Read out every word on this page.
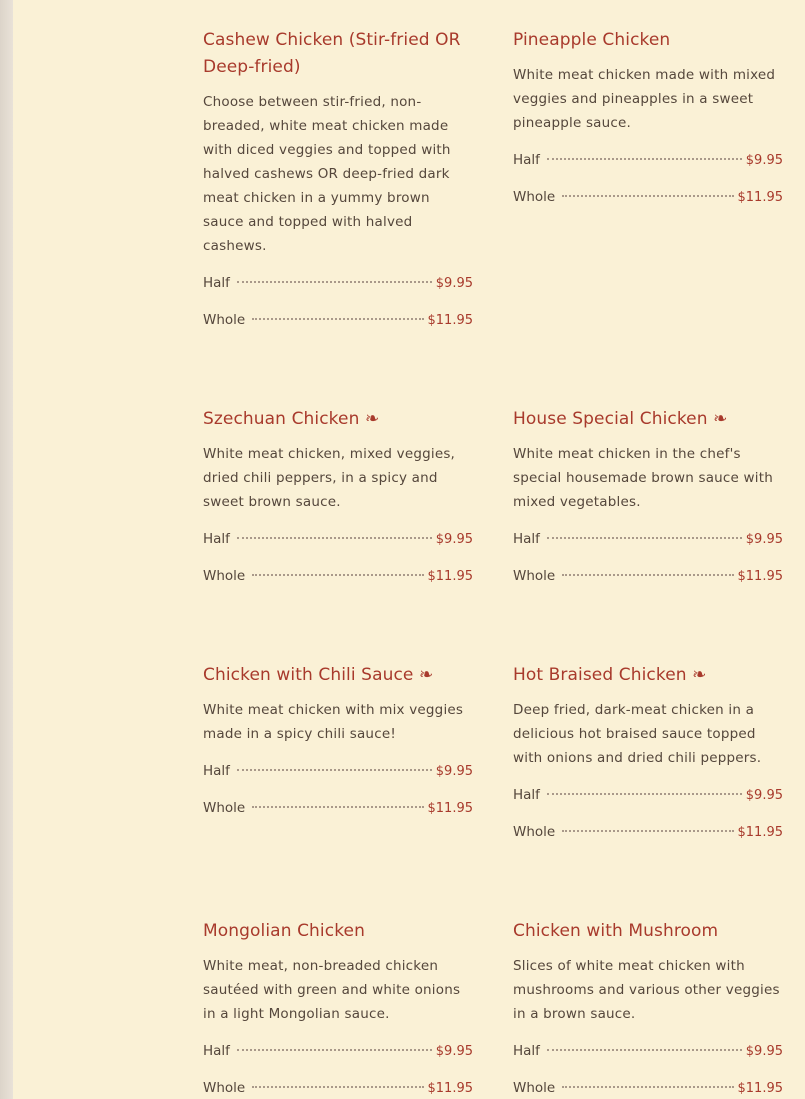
Cashew Chicken (Stir-fried OR Deep-fried)

Choose between stir-fried, non-breaded, white meat chicken made with diced veggies and topped with halved cashews OR deep-fried dark meat chicken in a yummy brown sauce and topped with halved cashews.

Half	$9.95
Whole	$11.95
Pineapple Chicken

White meat chicken made with mixed veggies and pineapples in a sweet pineapple sauce.

Half	$9.95
Whole	$11.95
Szechuan Chicken ❧

White meat chicken, mixed veggies, dried chili peppers, in a spicy and sweet brown sauce.

Half	$9.95
Whole	$11.95
House Special Chicken ❧

White meat chicken in the chef's special housemade brown sauce with mixed vegetables.

Half	$9.95
Whole	$11.95
Chicken with Chili Sauce ❧

White meat chicken with mix veggies made in a spicy chili sauce!

Half	$9.95
Whole	$11.95
Hot Braised Chicken ❧

Deep fried, dark-meat chicken in a delicious hot braised sauce topped with onions and dried chili peppers.

Half	$9.95
Whole	$11.95
Mongolian Chicken

White meat, non-breaded chicken sautéed with green and white onions in a light Mongolian sauce.

Half	$9.95
Whole	$11.95
Chicken with Mushroom

Slices of white meat chicken with mushrooms and various other veggies in a brown sauce.

Half	$9.95
Whole	$11.95
